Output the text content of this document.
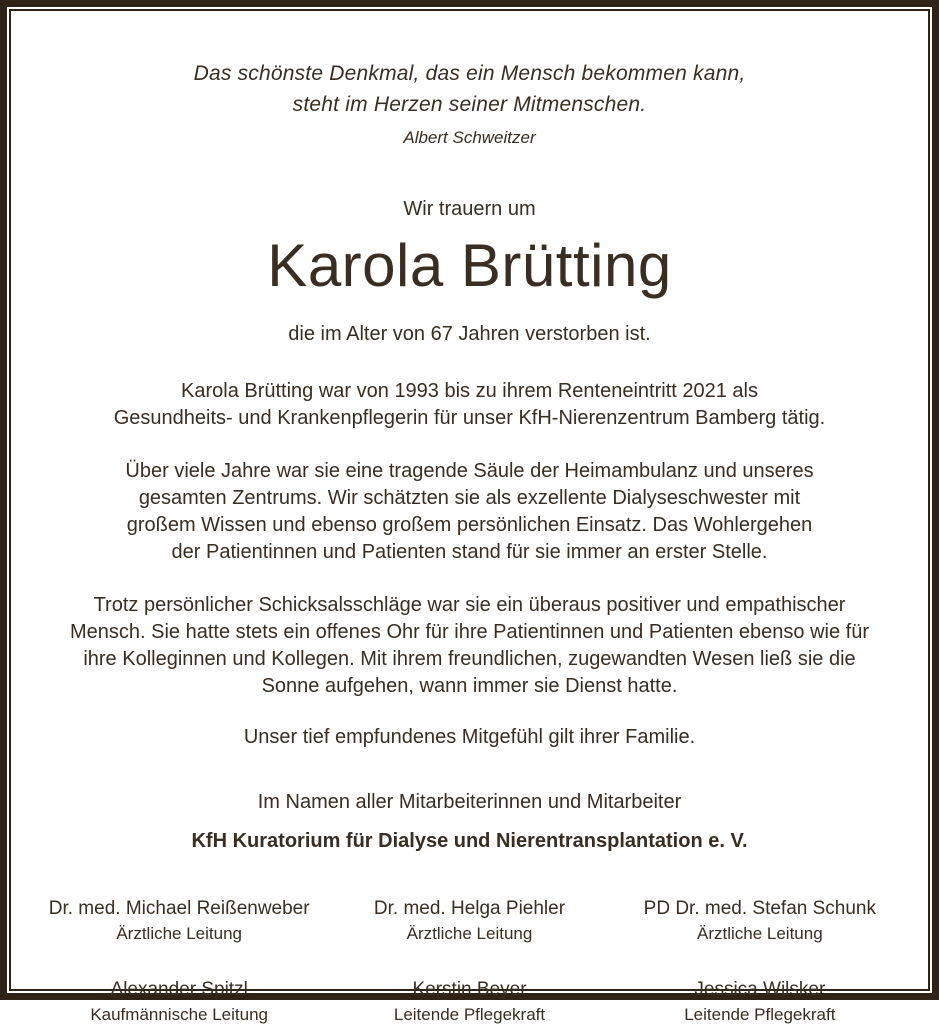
Das schönste Denkmal, das ein Mensch bekommen kann,
steht im Herzen seiner Mitmenschen.
Albert Schweitzer
Wir trauern um
Karola Brütting
die im Alter von 67 Jahren verstorben ist.
Karola Brütting war von 1993 bis zu ihrem Renteneintritt 2021 als
Gesundheits- und Krankenpflegerin für unser KfH-Nierenzentrum Bamberg tätig.
Über viele Jahre war sie eine tragende Säule der Heimambulanz und unseres
gesamten Zentrums. Wir schätzten sie als exzellente Dialyseschwester mit
großem Wissen und ebenso großem persönlichen Einsatz. Das Wohlergehen
der Patientinnen und Patienten stand für sie immer an erster Stelle.
Trotz persönlicher Schicksalsschläge war sie ein überaus positiver und empathischer
Mensch. Sie hatte stets ein offenes Ohr für ihre Patientinnen und Patienten ebenso wie für
ihre Kolleginnen und Kollegen. Mit ihrem freundlichen, zugewandten Wesen ließ sie die
Sonne aufgehen, wann immer sie Dienst hatte.
Unser tief empfundenes Mitgefühl gilt ihrer Familie.
Im Namen aller Mitarbeiterinnen und Mitarbeiter
KfH Kuratorium für Dialyse und Nierentransplantation e. V.
Dr. med. Michael Reißenweber
Ärztliche Leitung
Dr. med. Helga Piehler
Ärztliche Leitung
PD Dr. med. Stefan Schunk
Ärztliche Leitung
Alexander Spitzl
Kaufmännische Leitung
Kerstin Beyer
Leitende Pflegekraft
Jessica Wilsker
Leitende Pflegekraft
